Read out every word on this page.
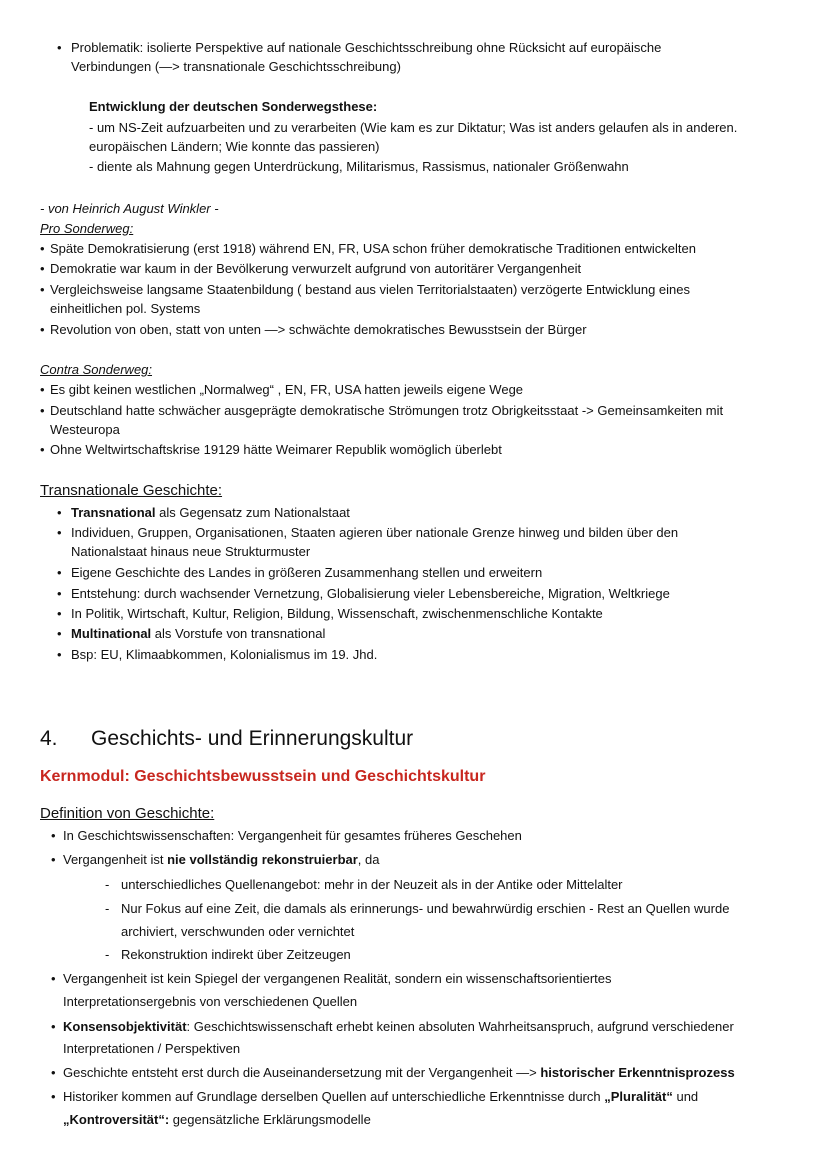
• Problematik: isolierte Perspektive auf nationale Geschichtsschreibung ohne Rücksicht auf europäische
Verbindungen (—> transnationale Geschichtsschreibung)
Entwicklung der deutschen Sonderwegsthese:
- um NS-Zeit aufzuarbeiten und zu verarbeiten (Wie kam es zur Diktatur; Was ist anders gelaufen als in anderen.
europäischen Ländern; Wie konnte das passieren)
- diente als Mahnung gegen Unterdrückung, Militarismus, Rassismus, nationaler Größenwahn
- von Heinrich August Winkler -
Pro Sonderweg:
• Späte Demokratisierung (erst 1918) während EN, FR, USA schon früher demokratische Traditionen entwickelten
• Demokratie war kaum in der Bevölkerung verwurzelt aufgrund von autoritärer Vergangenheit
• Vergleichsweise langsame Staatenbildung ( bestand aus vielen Territorialstaaten) verzögerte Entwicklung eines
einheitlichen pol. Systems
• Revolution von oben, statt von unten —> schwächte demokratisches Bewusstsein der Bürger
Contra Sonderweg:
• Es gibt keinen westlichen „Normalweg“ , EN, FR, USA hatten jeweils eigene Wege
• Deutschland hatte schwächer ausgeprägte demokratische Strömungen trotz Obrigkeitsstaat -> Gemeinsamkeiten mit
Westeuropa
• Ohne Weltwirtschaftskrise 19129 hätte Weimarer Republik womöglich überlebt
Transnationale Geschichte:
• Transnational als Gegensatz zum Nationalstaat
• Individuen, Gruppen, Organisationen, Staaten agieren über nationale Grenze hinweg und bilden über den
Nationalstaat hinaus neue Strukturmuster
• Eigene Geschichte des Landes in größeren Zusammenhang stellen und erweitern
• Entstehung: durch wachsender Vernetzung, Globalisierung vieler Lebensbereiche, Migration, Weltkriege
• In Politik, Wirtschaft, Kultur, Religion, Bildung, Wissenschaft, zwischenmenschliche Kontakte
• Multinational als Vorstufe von transnational
• Bsp: EU, Klimaabkommen, Kolonialismus im 19. Jhd.
4. Geschichts- und Erinnerungskultur
Kernmodul: Geschichtsbewusstsein und Geschichtskultur
Definition von Geschichte:
• In Geschichtswissenschaften: Vergangenheit für gesamtes früheres Geschehen
• Vergangenheit ist nie vollständig rekonstruierbar, da
- unterschiedliches Quellenangebot: mehr in der Neuzeit als in der Antike oder Mittelalter
- Nur Fokus auf eine Zeit, die damals als erinnerungs- und bewahrwürdig erschien - Rest an Quellen wurde
archiviert, verschwunden oder vernichtet
- Rekonstruktion indirekt über Zeitzeugen
• Vergangenheit ist kein Spiegel der vergangenen Realität, sondern ein wissenschaftsorientiertes
Interpretationsergebnis von verschiedenen Quellen
• Konsensobjektivität: Geschichtswissenschaft erhebt keinen absoluten Wahrheitsanspruch, aufgrund verschiedener
Interpretationen / Perspektiven
• Geschichte entsteht erst durch die Auseinandersetzung mit der Vergangenheit —> historischer Erkenntnisprozess
• Historiker kommen auf Grundlage derselben Quellen auf unterschiedliche Erkenntnisse durch „Pluralität“ und
„Kontroversität“: gegensätzliche Erklärungsmodelle
